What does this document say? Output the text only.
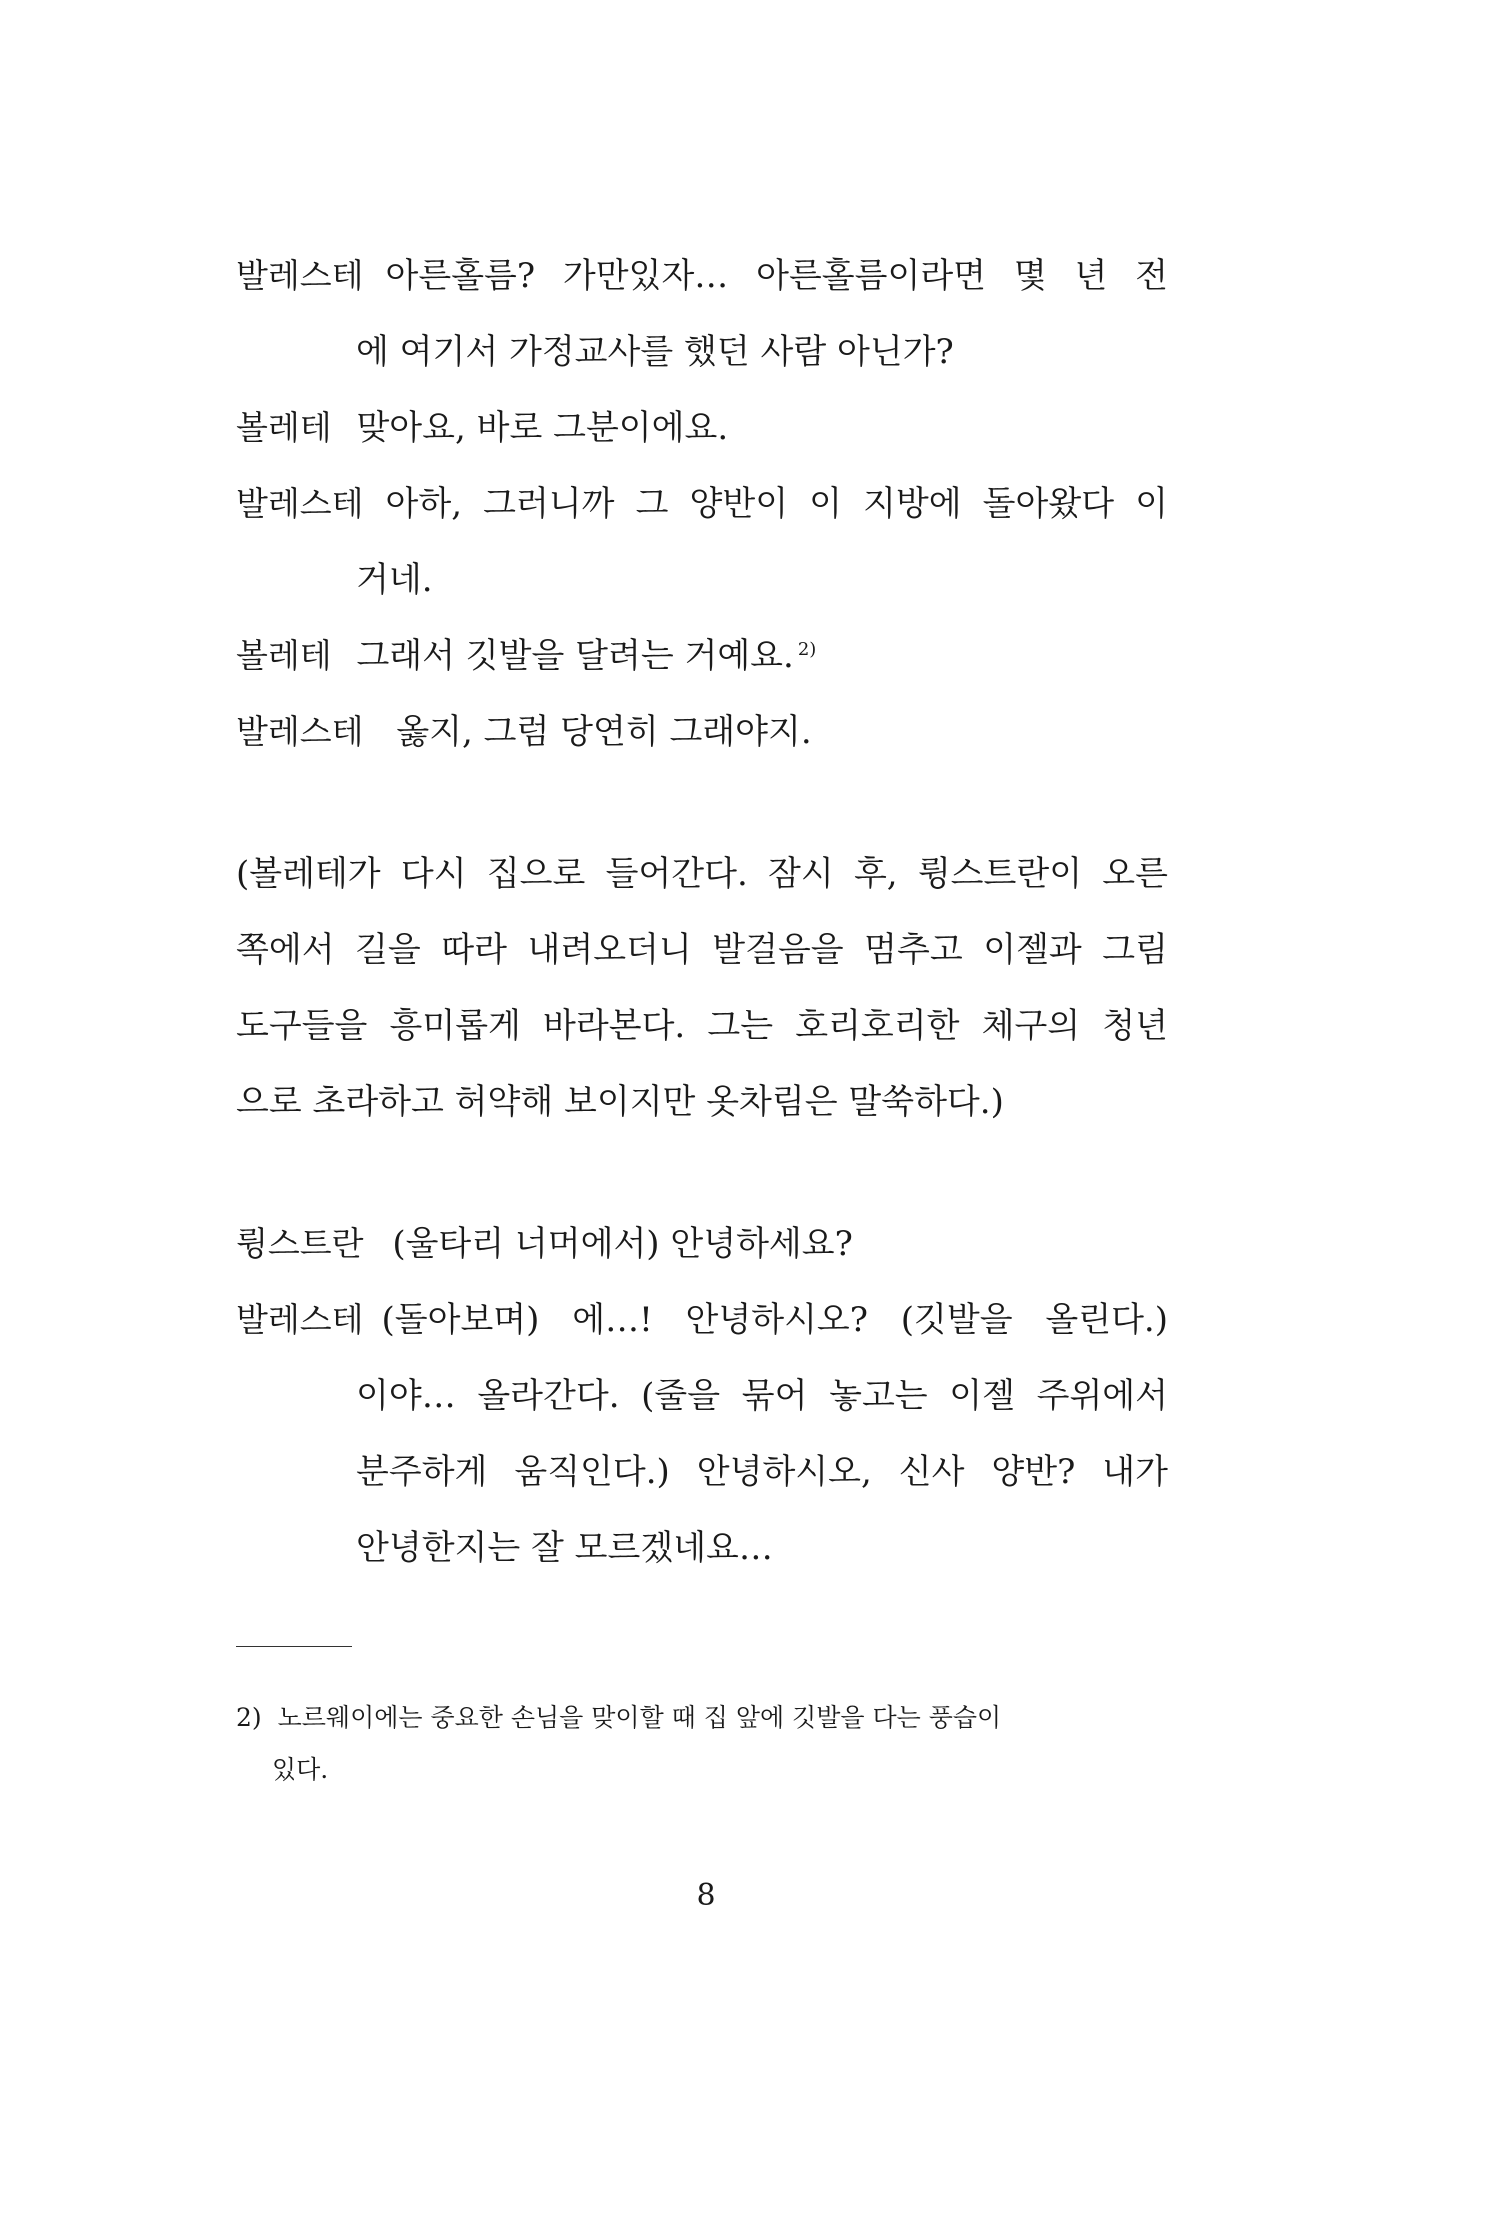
발레스테 아른홀름? 가만있자… 아른홀름이라면 몇 년 전
에 여기서 가정교사를 했던 사람 아닌가?
볼레테 맞아요, 바로 그분이에요.
발레스테 아하, 그러니까 그 양반이 이 지방에 돌아왔다 이
거네.
볼레테 그래서 깃발을 달려는 거예요. $^{2)}$
발레스테 옳지, 그럼 당연히 그래야지.
(볼레테가 다시 집으로 들어간다. 잠시 후, 륑스트란이 오른
쪽에서 길을 따라 내려오더니 발걸음을 멈추고 이젤과 그림
도구들을 흥미롭게 바라본다. 그는 호리호리한 체구의 청년
으로 초라하고 허약해 보이지만 옷차림은 말쑥하다.)
륑스트란 (울타리 너머에서) 안녕하세요?
발레스테 (돌아보며) 에…! 안녕하시오? (깃발을 올린다.)
이야… 올라간다. (줄을 묶어 놓고는 이젤 주위에서
분주하게 움직인다.) 안녕하시오, 신사 양반? 내가
안녕한지는 잘 모르겠네요…
2) 노르웨이에는 중요한 손님을 맞이할 때 집 앞에 깃발을 다는 풍습이
있다.
8
